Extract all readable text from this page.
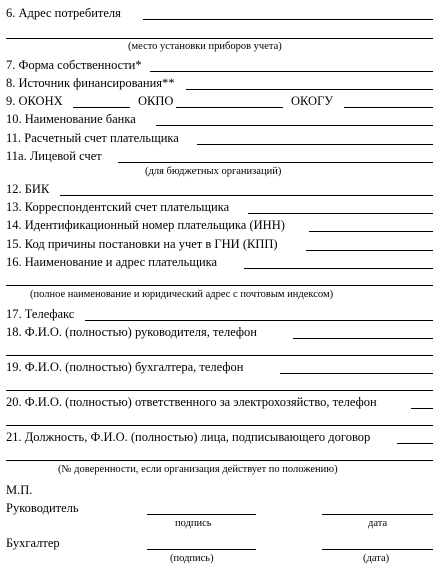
6. Адрес потребителя
(место установки приборов учета)
7. Форма собственности*
8. Источник финансирования**
9. ОКОНХ	ОКПО	ОКОГУ
10. Наименование банка
11. Расчетный счет плательщика
11а. Лицевой счет
(для бюджетных организаций)
12. БИК
13. Корреспондентский счет плательщика
14. Идентификационный номер плательщика (ИНН)
15. Код причины постановки на учет в ГНИ (КПП)
16. Наименование и адрес плательщика
(полное наименование и юридический адрес с почтовым индексом)
17. Телефакс
18. Ф.И.О. (полностью) руководителя, телефон
19. Ф.И.О. (полностью) бухгалтера, телефон
20. Ф.И.О. (полностью) ответственного за электрохозяйство, телефон
21. Должность, Ф.И.О. (полностью) лица, подписывающего договор
(№ доверенности, если организация действует по положению)
М.П.
Руководитель
подпись	дата
Бухгалтер
(подпись)	(дата)
